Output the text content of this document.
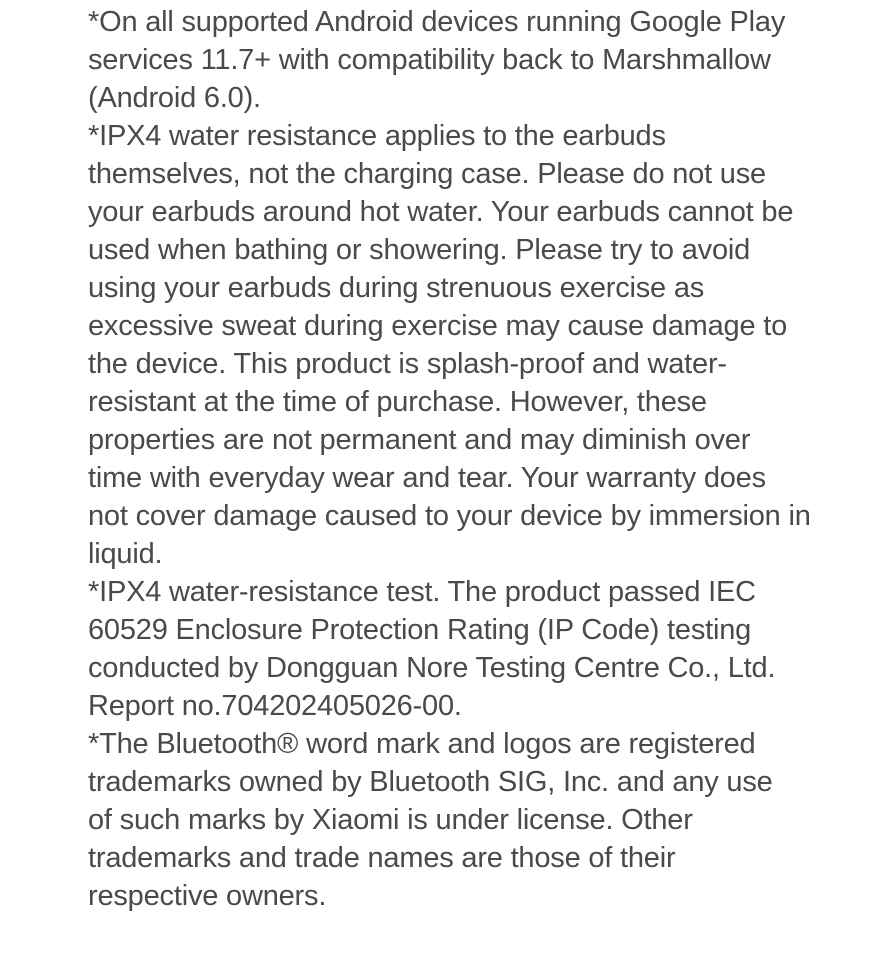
*On all supported Android devices running Google Play services 11.7+ with compatibility back to Marshmallow (Android 6.0).

*IPX4 water resistance applies to the earbuds themselves, not the charging case. Please do not use your earbuds around hot water. Your earbuds cannot be used when bathing or showering. Please try to avoid using your earbuds during strenuous exercise as excessive sweat during exercise may cause damage to the device. This product is splash-proof and water-resistant at the time of purchase. However, these properties are not permanent and may diminish over time with everyday wear and tear. Your warranty does not cover damage caused to your device by immersion in liquid.

*IPX4 water-resistance test. The product passed IEC 60529 Enclosure Protection Rating (IP Code) testing conducted by Dongguan Nore Testing Centre Co., Ltd. Report no.704202405026-00.

*The Bluetooth® word mark and logos are registered trademarks owned by Bluetooth SIG, Inc. and any use of such marks by Xiaomi is under license. Other trademarks and trade names are those of their respective owners.
